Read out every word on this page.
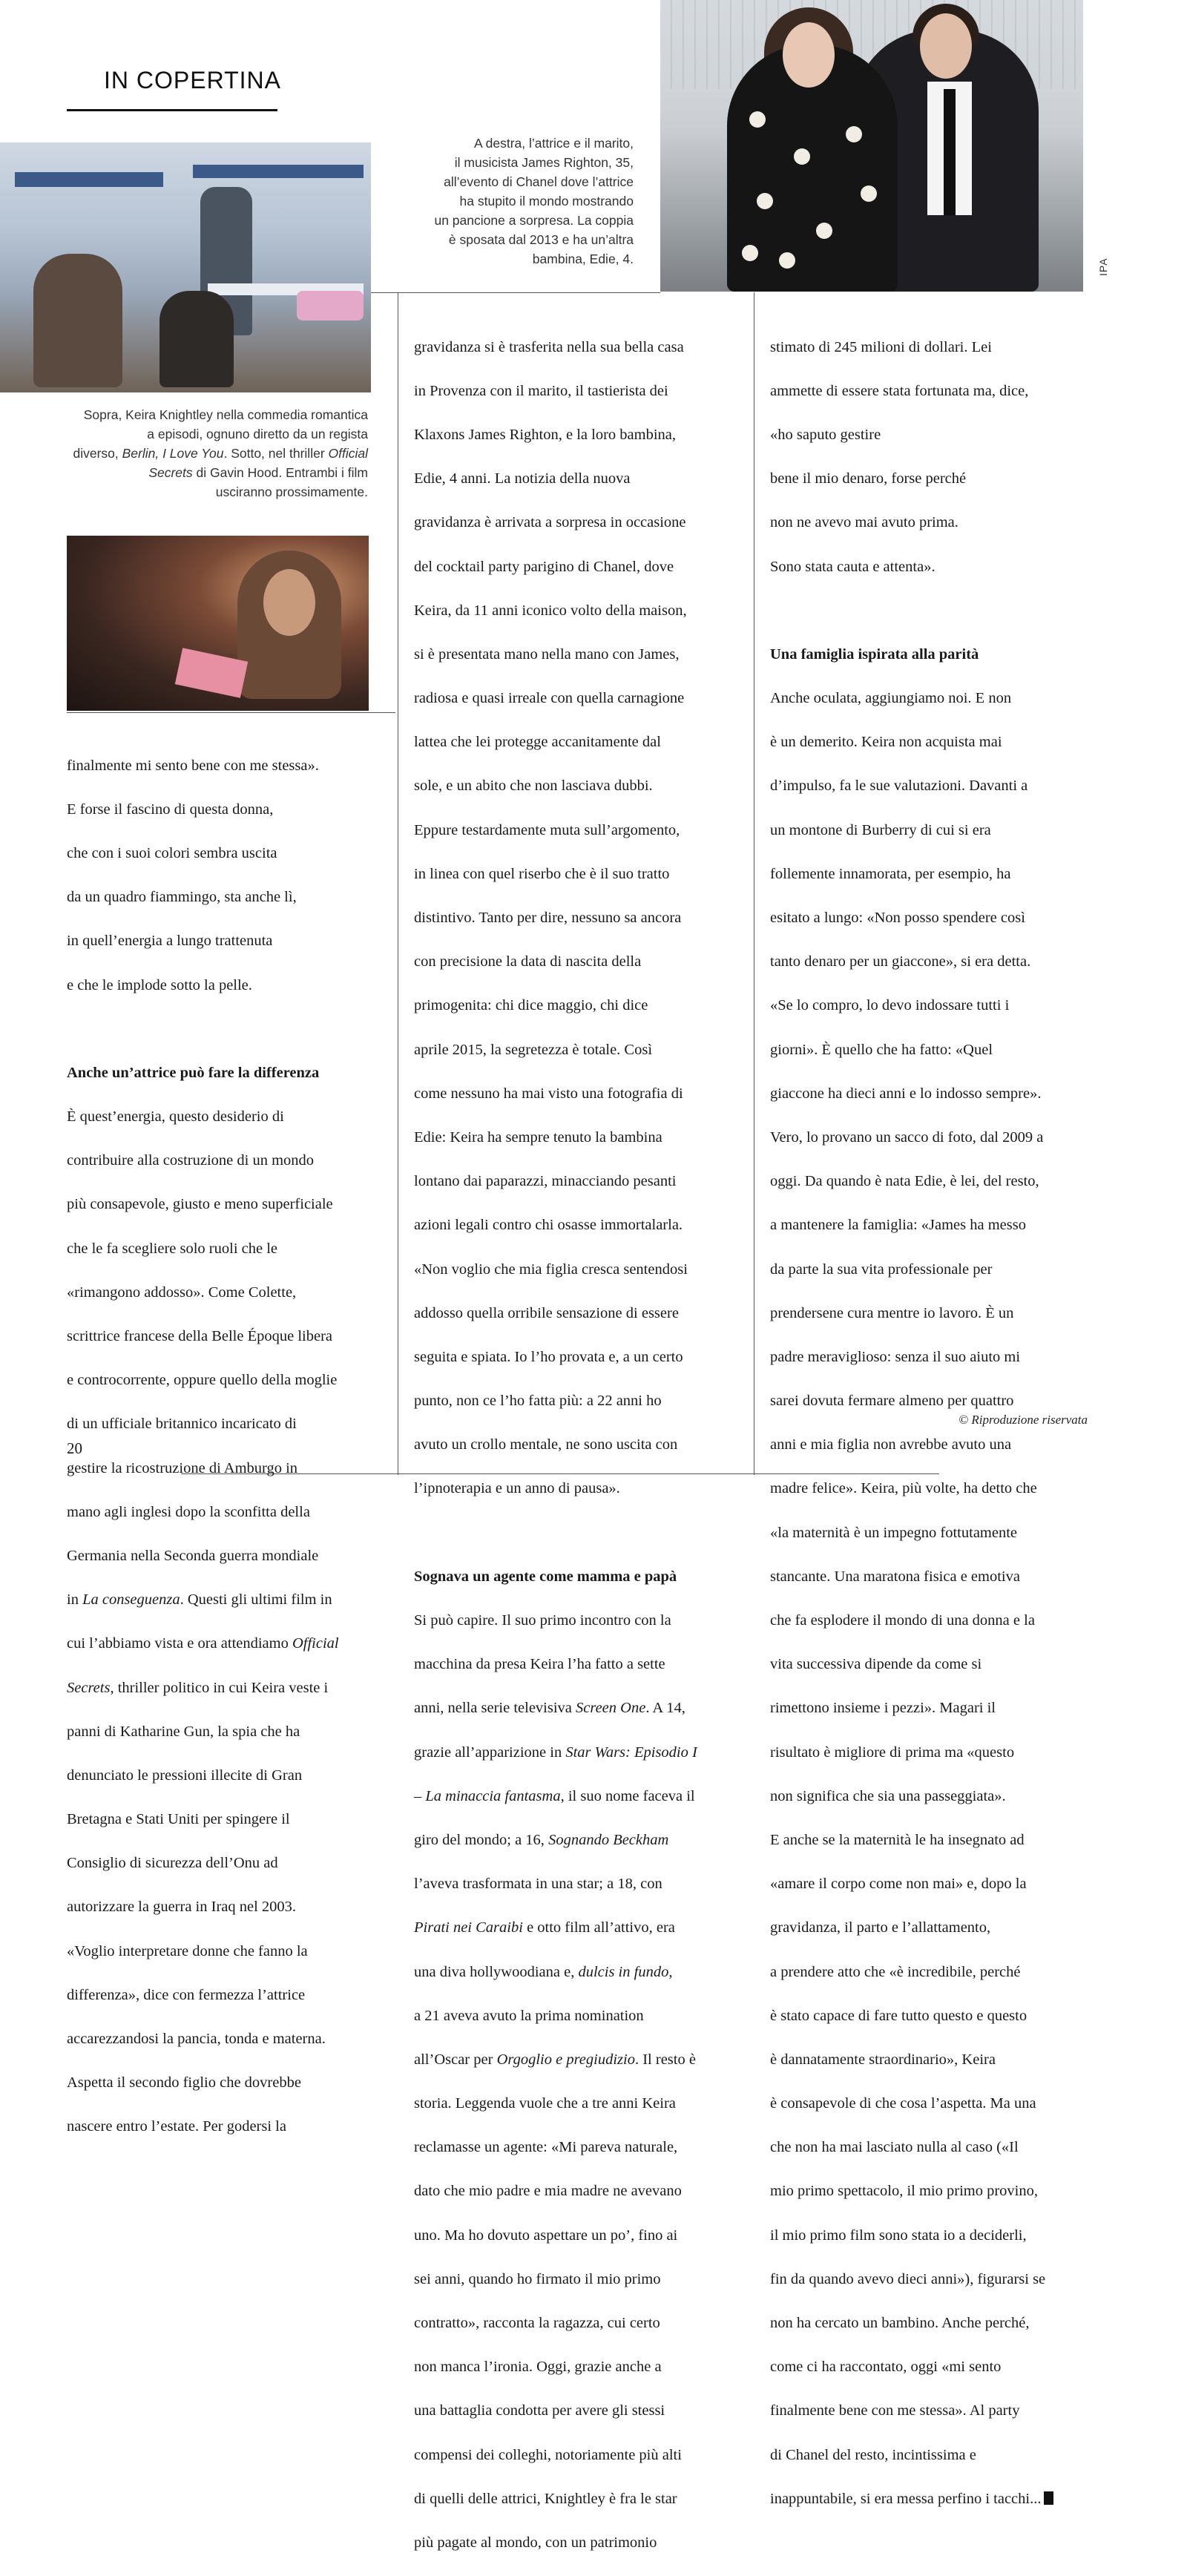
IN COPERTINA
IPA
A destra, l’attrice e il marito,
il musicista James Righton, 35,
all’evento di Chanel dove l’attrice
ha stupito il mondo mostrando
un pancione a sorpresa. La coppia
è sposata dal 2013 e ha un’altra
bambina, Edie, 4.
Sopra, Keira Knightley nella commedia romantica
a episodi, ognuno diretto da un regista
diverso, Berlin, I Love You. Sotto, nel thriller Official
Secrets di Gavin Hood. Entrambi i film
usciranno prossimamente.

finalmente mi sento bene con me stessa».

E forse il fascino di questa donna,

che con i suoi colori sembra uscita

da un quadro fiammingo, sta anche lì,

in quell’energia a lungo trattenuta

e che le implode sotto la pelle.

Anche un’attrice può fare la differenza

È quest’energia, questo desiderio di

contribuire alla costruzione di un mondo

più consapevole, giusto e meno superficiale

che le fa scegliere solo ruoli che le

«rimangono addosso». Come Colette,

scrittrice francese della Belle Époque libera

e controcorrente, oppure quello della moglie

di un ufficiale britannico incaricato di

gestire la ricostruzione di Amburgo in

mano agli inglesi dopo la sconfitta della

Germania nella Seconda guerra mondiale

in La conseguenza. Questi gli ultimi film in

cui l’abbiamo vista e ora attendiamo Official

Secrets, thriller politico in cui Keira veste i

panni di Katharine Gun, la spia che ha

denunciato le pressioni illecite di Gran

Bretagna e Stati Uniti per spingere il

Consiglio di sicurezza dell’Onu ad

autorizzare la guerra in Iraq nel 2003.

«Voglio interpretare donne che fanno la

differenza», dice con fermezza l’attrice

accarezzandosi la pancia, tonda e materna.

Aspetta il secondo figlio che dovrebbe

nascere entro l’estate. Per godersi la

gravidanza si è trasferita nella sua bella casa

in Provenza con il marito, il tastierista dei

Klaxons James Righton, e la loro bambina,

Edie, 4 anni. La notizia della nuova

gravidanza è arrivata a sorpresa in occasione

del cocktail party parigino di Chanel, dove

Keira, da 11 anni iconico volto della maison,

si è presentata mano nella mano con James,

radiosa e quasi irreale con quella carnagione

lattea che lei protegge accanitamente dal

sole, e un abito che non lasciava dubbi.

Eppure testardamente muta sull’argomento,

in linea con quel riserbo che è il suo tratto

distintivo. Tanto per dire, nessuno sa ancora

con precisione la data di nascita della

primogenita: chi dice maggio, chi dice

aprile 2015, la segretezza è totale. Così

come nessuno ha mai visto una fotografia di

Edie: Keira ha sempre tenuto la bambina

lontano dai paparazzi, minacciando pesanti

azioni legali contro chi osasse immortalarla.

«Non voglio che mia figlia cresca sentendosi

addosso quella orribile sensazione di essere

seguita e spiata. Io l’ho provata e, a un certo

punto, non ce l’ho fatta più: a 22 anni ho

avuto un crollo mentale, ne sono uscita con

l’ipnoterapia e un anno di pausa».

Sognava un agente come mamma e papà

Si può capire. Il suo primo incontro con la

macchina da presa Keira l’ha fatto a sette

anni, nella serie televisiva Screen One. A 14,

grazie all’apparizione in Star Wars: Episodio I

– La minaccia fantasma, il suo nome faceva il

giro del mondo; a 16, Sognando Beckham

l’aveva trasformata in una star; a 18, con

Pirati nei Caraibi e otto film all’attivo, era

una diva hollywoodiana e, dulcis in fundo,

a 21 aveva avuto la prima nomination

all’Oscar per Orgoglio e pregiudizio. Il resto è

storia. Leggenda vuole che a tre anni Keira

reclamasse un agente: «Mi pareva naturale,

dato che mio padre e mia madre ne avevano

uno. Ma ho dovuto aspettare un po’, fino ai

sei anni, quando ho firmato il mio primo

contratto», racconta la ragazza, cui certo

non manca l’ironia. Oggi, grazie anche a

una battaglia condotta per avere gli stessi

compensi dei colleghi, notoriamente più alti

di quelli delle attrici, Knightley è fra le star

più pagate al mondo, con un patrimonio

stimato di 245 milioni di dollari. Lei

ammette di essere stata fortunata ma, dice,

«ho saputo gestire

bene il mio denaro, forse perché

non ne avevo mai avuto prima.

Sono stata cauta e attenta».

Una famiglia ispirata alla parità

Anche oculata, aggiungiamo noi. E non

è un demerito. Keira non acquista mai

d’impulso, fa le sue valutazioni. Davanti a

un montone di Burberry di cui si era

follemente innamorata, per esempio, ha

esitato a lungo: «Non posso spendere così

tanto denaro per un giaccone», si era detta.

«Se lo compro, lo devo indossare tutti i

giorni». È quello che ha fatto: «Quel

giaccone ha dieci anni e lo indosso sempre».

Vero, lo provano un sacco di foto, dal 2009 a

oggi. Da quando è nata Edie, è lei, del resto,

a mantenere la famiglia: «James ha messo

da parte la sua vita professionale per

prendersene cura mentre io lavoro. È un

padre meraviglioso: senza il suo aiuto mi

sarei dovuta fermare almeno per quattro

anni e mia figlia non avrebbe avuto una

madre felice». Keira, più volte, ha detto che

«la maternità è un impegno fottutamente

stancante. Una maratona fisica e emotiva

che fa esplodere il mondo di una donna e la

vita successiva dipende da come si

rimettono insieme i pezzi». Magari il

risultato è migliore di prima ma «questo

non significa che sia una passeggiata».

E anche se la maternità le ha insegnato ad

«amare il corpo come non mai» e, dopo la

gravidanza, il parto e l’allattamento,

a prendere atto che «è incredibile, perché

è stato capace di fare tutto questo e questo

è dannatamente straordinario», Keira

è consapevole di che cosa l’aspetta. Ma una

che non ha mai lasciato nulla al caso («Il

mio primo spettacolo, il mio primo provino,

il mio primo film sono stata io a deciderli,

fin da quando avevo dieci anni»), figurarsi se

non ha cercato un bambino. Anche perché,

come ci ha raccontato, oggi «mi sento

finalmente bene con me stessa». Al party

di Chanel del resto, incintissima e

inappuntabile, si era messa perfino i tacchi...

© Riproduzione riservata
20
